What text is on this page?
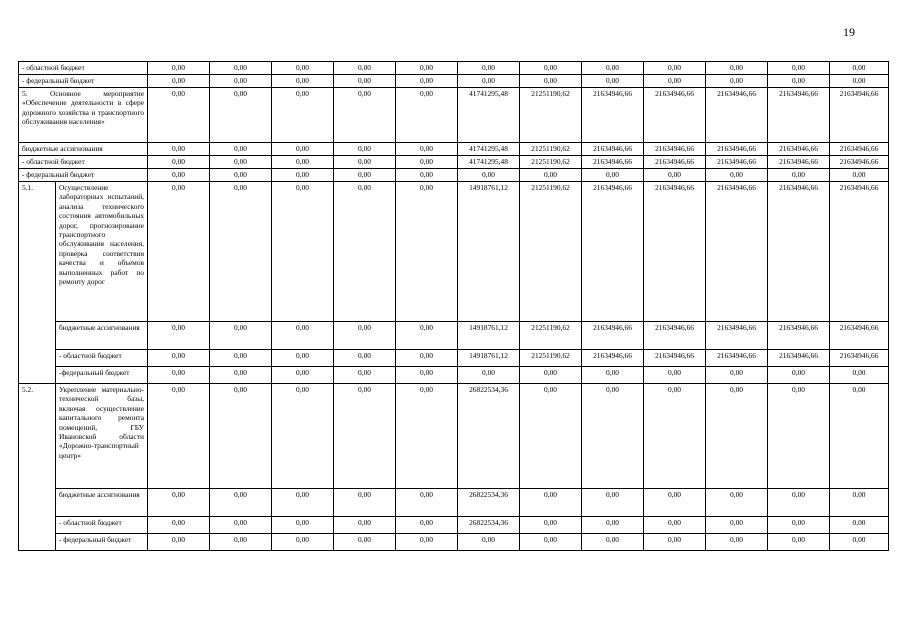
19
- областной бюджет		0,00	0,00	0,00	0,00	0,00	0,00	0,00	0,00	0,00	0,00	0,00	0,00
- федеральный бюджет		0,00	0,00	0,00	0,00	0,00	0,00	0,00	0,00	0,00	0,00	0,00	0,00
5. Основное мероприятие «Обеспечение деятельности в сфере дорожного хозяйства и транспортного обслуживания населения»		0,00	0,00	0,00	0,00	0,00	41741295,48	21251190,62	21634946,66	21634946,66	21634946,66	21634946,66	21634946,66
бюджетные ассигнования		0,00	0,00	0,00	0,00	0,00	41741295,48	21251190,62	21634946,66	21634946,66	21634946,66	21634946,66	21634946,66
- областной бюджет		0,00	0,00	0,00	0,00	0,00	41741295,48	21251190,62	21634946,66	21634946,66	21634946,66	21634946,66	21634946,66
- федеральный бюджет		0,00	0,00	0,00	0,00	0,00	0,00	0,00	0,00	0,00	0,00	0,00	0,00
5.1.	Осуществление лабораторных испытаний, анализа технического состояния автомобильных дорог, прогнозирование транспортного обслуживания населения, проверка соответствия качества и объемов выполненных работ по ремонту дорог	0,00	0,00	0,00	0,00	0,00	14918761,12	21251190,62	21634946,66	21634946,66	21634946,66	21634946,66	21634946,66
	бюджетные ассигнования	0,00	0,00	0,00	0,00	0,00	14918761,12	21251190,62	21634946,66	21634946,66	21634946,66	21634946,66	21634946,66
	- областной бюджет	0,00	0,00	0,00	0,00	0,00	14918761,12	21251190,62	21634946,66	21634946,66	21634946,66	21634946,66	21634946,66
	-федеральный бюджет	0,00	0,00	0,00	0,00	0,00	0,00	0,00	0,00	0,00	0,00	0,00	0,00
5.2.	Укрепление материально-технической базы, включая осуществление капитального ремонта помещений, ГБУ Ивановской области «Дорожно-транспортный центр»	0,00	0,00	0,00	0,00	0,00	26822534,36	0,00	0,00	0,00	0,00	0,00	0,00
	бюджетные ассигнования	0,00	0,00	0,00	0,00	0,00	26822534,36	0,00	0,00	0,00	0,00	0,00	0,00
	- областной бюджет	0,00	0,00	0,00	0,00	0,00	26822534,36	0,00	0,00	0,00	0,00	0,00	0,00
	- федеральный бюджет	0,00	0,00	0,00	0,00	0,00	0,00	0,00	0,00	0,00	0,00	0,00	0,00
